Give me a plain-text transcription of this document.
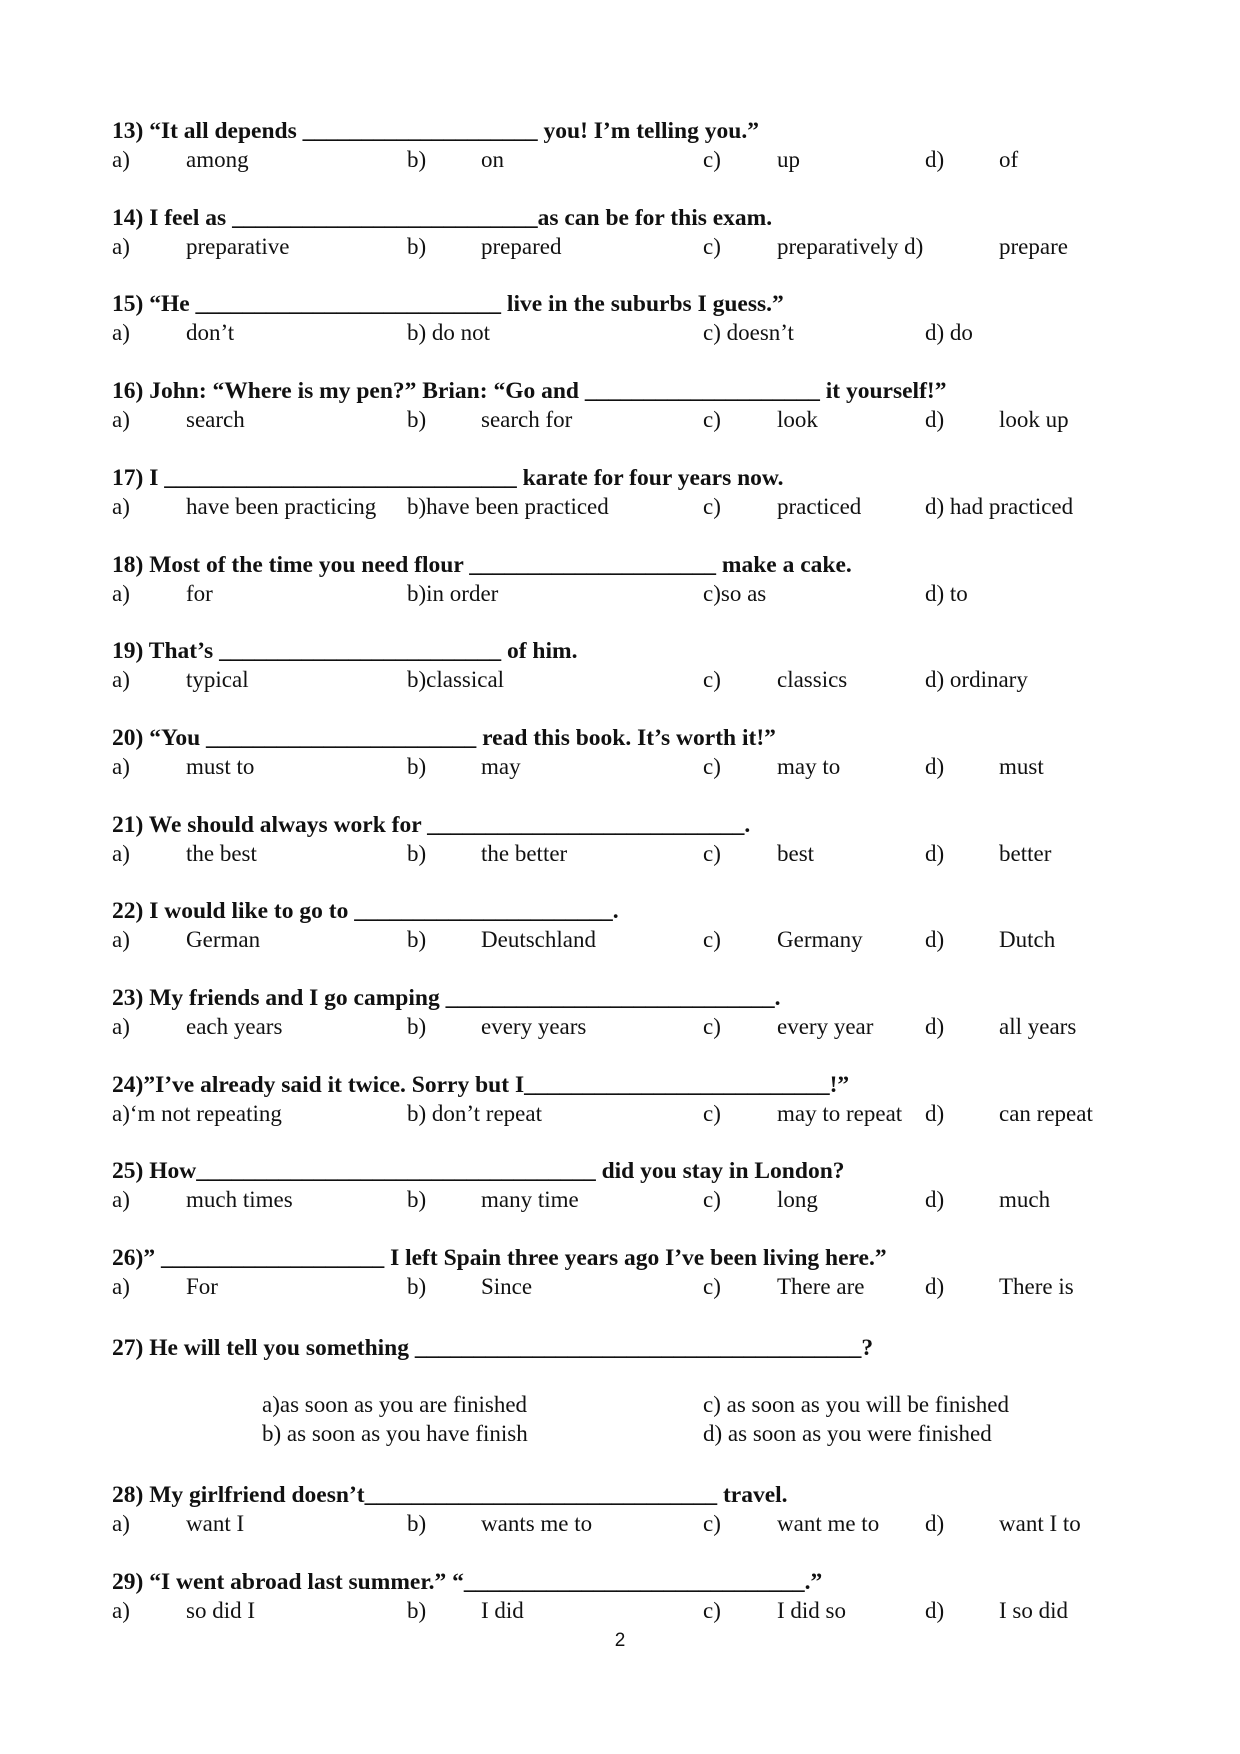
13) “It all depends ____________________ you! I’m telling you.”
a) among	b) on	c) up	d) of
14) I feel as __________________________as can be for this exam.
a) preparative	b) prepared	c) preparatively d)	prepare
15) “He __________________________ live in the suburbs I guess.”
a) don’t	b) do not	c) doesn’t	d) do
16) John: “Where is my pen?” Brian: “Go and ____________________ it yourself!”
a) search	b) search for	c) look	d) look up
17) I ______________________________ karate for four years now.
a) have been practicing b)have been practiced	c) practiced	d) had practiced
18) Most of the time you need flour _____________________ make a cake.
a) for	b)in order	c)so as	d) to
19) That’s ________________________ of him.
a) typical	b)classical	c) classics	d) ordinary
20) “You _______________________ read this book. It’s worth it!”
a) must to	b) may	c) may to	d) must
21) We should always work for ___________________________.
a) the best	b) the better	c) best	d) better
22) I would like to go to ______________________.
a) German	b) Deutschland	c) Germany	d) Dutch
23) My friends and I go camping ____________________________.
a) each years	b) every years	c) every year d) all years
24)”I’ve already said it twice. Sorry but I__________________________!”
a)‘m not repeating	b) don’t repeat	c) may to repeat d) can repeat
25) How__________________________________ did you stay in London?
a) much times	b) many time	c) long	d) much
26)” ___________________ I left Spain three years ago I’ve been living here.”
a) For	b) Since	c) There are	d) There is
27) He will tell you something ______________________________________?
a)as soon as you are finished	c) as soon as you will be finished
b) as soon as you have finish	d) as soon as you were finished
28) My girlfriend doesn’t______________________________ travel.
a) want I	b) wants me to	c) want me to d) want I to
29) “I went abroad last summer.” “_____________________________.”
a) so did I	b) I did	c) I did so	d) I so did
2
